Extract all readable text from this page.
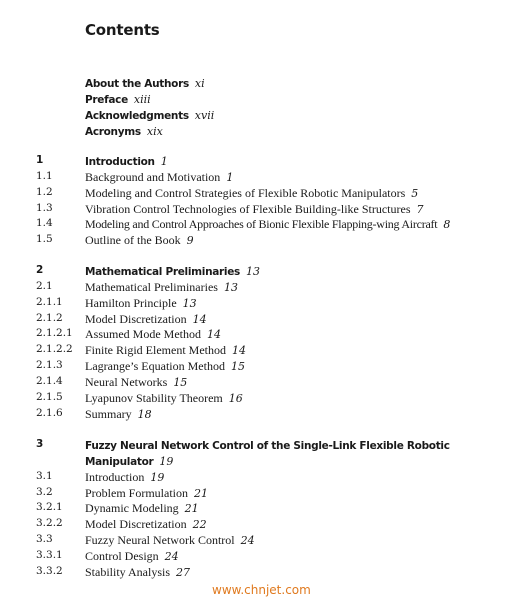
Contents
About the Authors xi
Preface xiii
Acknowledgments xvii
Acronyms xix
1	Introduction 1
1.1	Background and Motivation 1
1.2	Modeling and Control Strategies of Flexible Robotic Manipulators 5
1.3	Vibration Control Technologies of Flexible Building-like Structures 7
1.4	Modeling and Control Approaches of Bionic Flexible Flapping-wing Aircraft 8
1.5	Outline of the Book 9
2	Mathematical Preliminaries 13
2.1	Mathematical Preliminaries 13
2.1.1	Hamilton Principle 13
2.1.2	Model Discretization 14
2.1.2.1	Assumed Mode Method 14
2.1.2.2	Finite Rigid Element Method 14
2.1.3	Lagrange’s Equation Method 15
2.1.4	Neural Networks 15
2.1.5	Lyapunov Stability Theorem 16
2.1.6	Summary 18
3	Fuzzy Neural Network Control of the Single-Link Flexible Robotic
Manipulator 19
3.1	Introduction 19
3.2	Problem Formulation 21
3.2.1	Dynamic Modeling 21
3.2.2	Model Discretization 22
3.3	Fuzzy Neural Network Control 24
3.3.1	Control Design 24
3.3.2	Stability Analysis 27
www.chnjet.com
